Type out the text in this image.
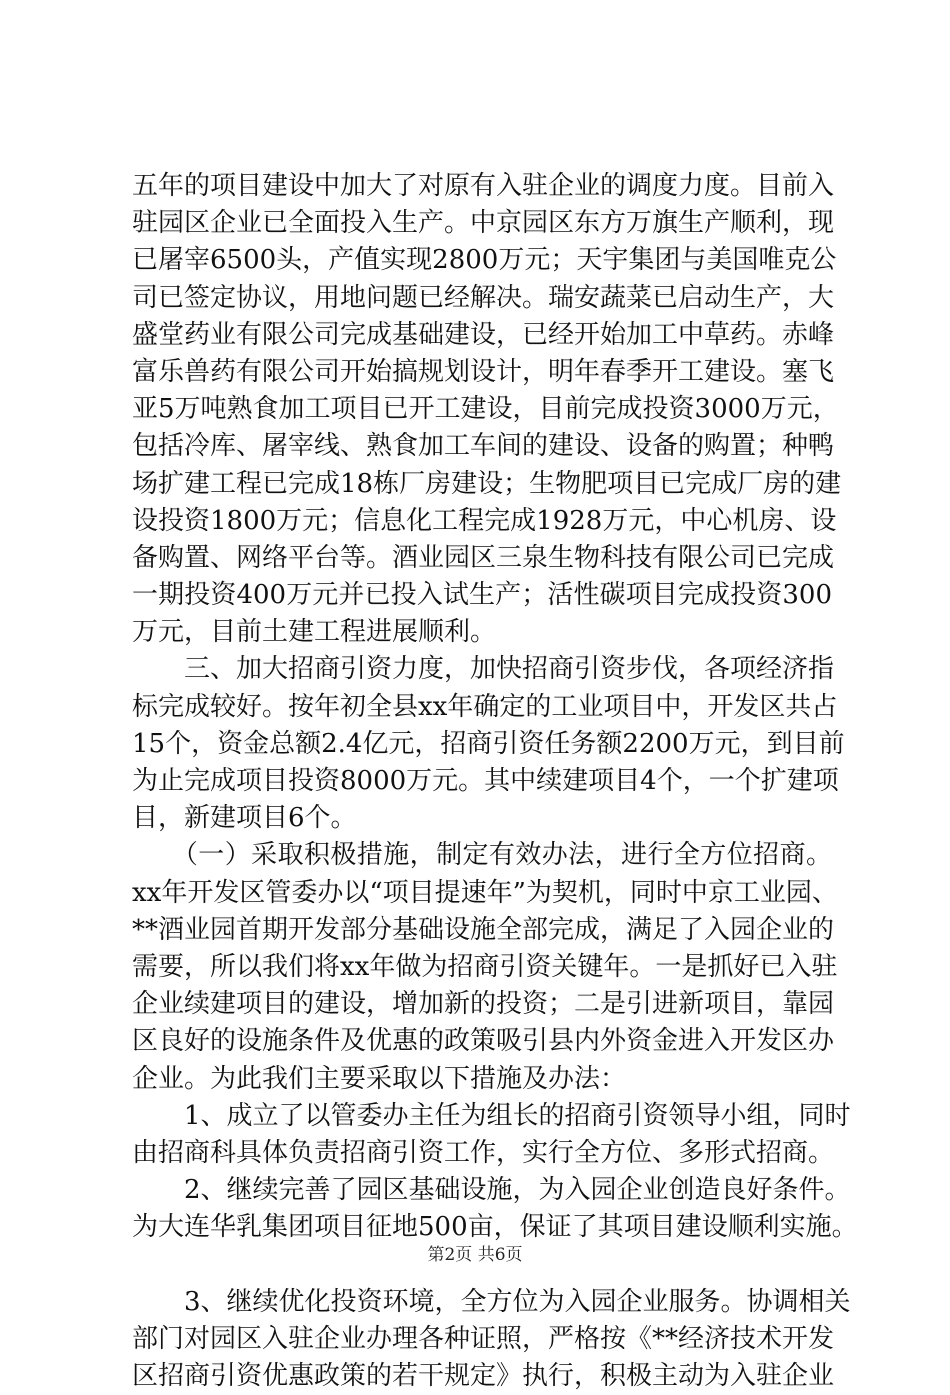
五年的项目建设中加大了对原有入驻企业的调度力度。目前入
驻园区企业已全面投入生产。中京园区东方万旗生产顺利，现
已屠宰6500头，产值实现2800万元；天宇集团与美国唯克公
司已签定协议，用地问题已经解决。瑞安蔬菜已启动生产，大
盛堂药业有限公司完成基础建设，已经开始加工中草药。赤峰
富乐兽药有限公司开始搞规划设计，明年春季开工建设。塞飞
亚5万吨熟食加工项目已开工建设，目前完成投资3000万元，
包括冷库、屠宰线、熟食加工车间的建设、设备的购置；种鸭
场扩建工程已完成18栋厂房建设；生物肥项目已完成厂房的建
设投资1800万元；信息化工程完成1928万元，中心机房、设
备购置、网络平台等。酒业园区三泉生物科技有限公司已完成
一期投资400万元并已投入试生产；活性碳项目完成投资300
万元，目前土建工程进展顺利。
　　三、加大招商引资力度，加快招商引资步伐，各项经济指
标完成较好。按年初全县xx年确定的工业项目中，开发区共占
15个，资金总额2.4亿元，招商引资任务额2200万元，到目前
为止完成项目投资8000万元。其中续建项目4个，一个扩建项
目，新建项目6个。
　　（一）采取积极措施，制定有效办法，进行全方位招商。
xx年开发区管委办以“项目提速年”为契机，同时中京工业园、
**酒业园首期开发部分基础设施全部完成，满足了入园企业的
需要，所以我们将xx年做为招商引资关键年。一是抓好已入驻
企业续建项目的建设，增加新的投资；二是引进新项目，靠园
区良好的设施条件及优惠的政策吸引县内外资金进入开发区办
企业。为此我们主要采取以下措施及办法：
　　1、成立了以管委办主任为组长的招商引资领导小组，同时
由招商科具体负责招商引资工作，实行全方位、多形式招商。
　　2、继续完善了园区基础设施，为入园企业创造良好条件。
为大连华乳集团项目征地500亩，保证了其项目建设顺利实施。
　　3、继续优化投资环境，全方位为入园企业服务。协调相关
部门对园区入驻企业办理各种证照，严格按《**经济技术开发
区招商引资优惠政策的若干规定》执行，积极主动为入驻企业
第2页 共6页
